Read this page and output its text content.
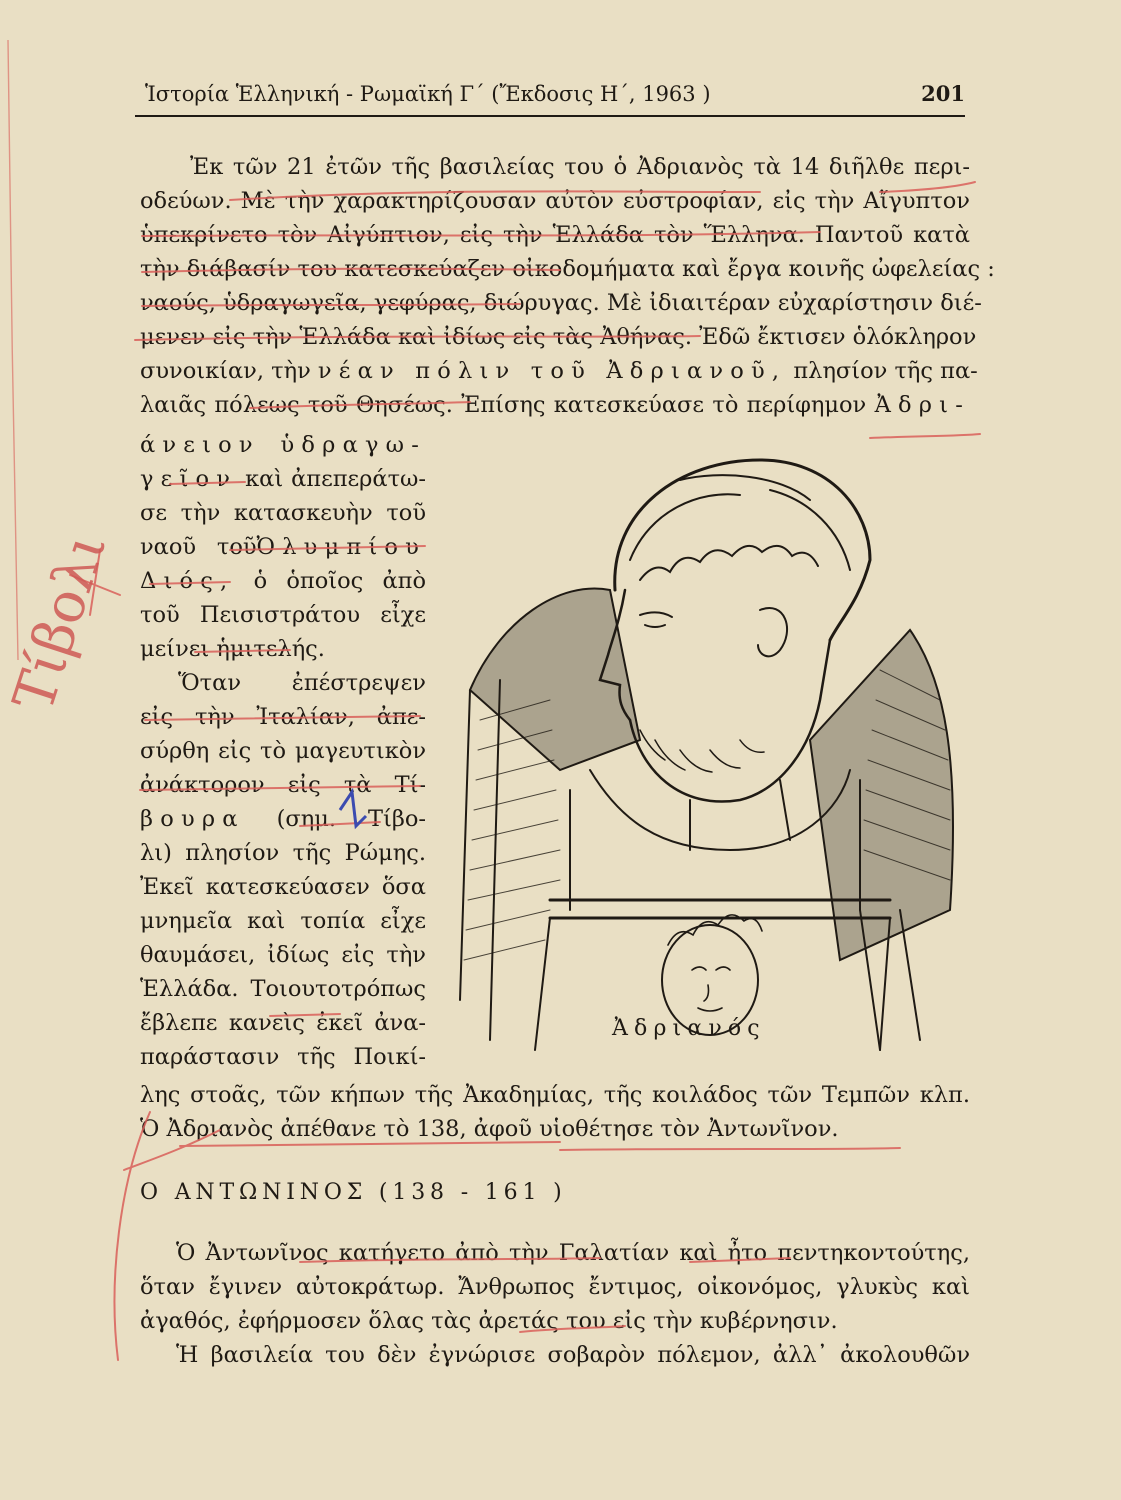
Ἱστορία Ἑλληνική - Ρωμαϊκή Γ΄ (Ἔκδοσις Η΄, 1963 )	201
Ἐκ τῶν 21 ἐτῶν τῆς βασιλείας του ὁ Ἀδριανὸς τὰ 14 διῆλθε περι-
οδεύων. Μὲ τὴν χαρακτηρίζουσαν αὐτὸν εὐστροφίαν, εἰς τὴν Αἴγυπτον
ὑπεκρίνετο τὸν Αἰγύπτιον, εἰς τὴν Ἑλλάδα τὸν Ἕλληνα. Παντοῦ κατὰ
τὴν διάβασίν του κατεσκεύαζεν οἰκοδομήματα καὶ ἔργα κοινῆς ὠφελείας :
ναούς, ὑδραγωγεῖα, γεφύρας, διώρυγας. Μὲ ἰδιαιτέραν εὐχαρίστησιν διέ-
μενεν εἰς τὴν Ἑλλάδα καὶ ἰδίως εἰς τὰς Ἀθήνας. Ἐδῶ ἔκτισεν ὁλόκληρον
συνοικίαν, τὴν νέαν πόλιν τοῦ Ἀδριανοῦ, πλησίον τῆς πα-
λαιᾶς πόλεως τοῦ Θησέως. Ἐπίσης κατεσκεύασε τὸ περίφημον Ἀδρι-
άνειον ὑδραγω-
γεῖον καὶ ἀπεπεράτω-
σε τὴν κατασκευὴν τοῦ
ναοῦ τοῦὈλυμπίου
Διός, ὁ ὁποῖος ἀπὸ
τοῦ Πεισιστράτου εἶχε
μείνει ἡμιτελής.
Ὅταν ἐπέστρεψεν
εἰς τὴν Ἰταλίαν, ἀπε-
σύρθη εἰς τὸ μαγευτικὸν
ἀνάκτορον εἰς τὰ Τί-
βουρα (σημ. Τίβο-
λι) πλησίον τῆς Ρώμης.
Ἐκεῖ κατεσκεύασεν ὅσα
μνημεῖα καὶ τοπία εἶχε
θαυμάσει, ἰδίως εἰς τὴν
Ἑλλάδα. Τοιουτοτρόπως
ἔβλεπε κανεὶς ἐκεῖ ἀνα-
παράστασιν τῆς Ποικί-
Ἀδριανός
λης στοᾶς, τῶν κήπων τῆς Ἀκαδημίας, τῆς κοιλάδος τῶν Τεμπῶν κλπ.
Ὁ Ἀδριανὸς ἀπέθανε τὸ 138, ἀφοῦ υἱοθέτησε τὸν Ἀντωνῖνον.
Ο ΑΝΤΩΝΙΝΟΣ (138 - 161 )
Ὁ Ἀντωνῖνος κατήγετο ἀπὸ τὴν Γαλατίαν καὶ ἦτο πεντηκοντούτης,
ὅταν ἔγινεν αὐτοκράτωρ. Ἄνθρωπος ἔντιμος, οἰκονόμος, γλυκὺς καὶ
ἀγαθός, ἐφήρμοσεν ὅλας τὰς ἀρετάς του εἰς τὴν κυβέρνησιν.
Ἡ βασιλεία του δὲν ἐγνώρισε σοβαρὸν πόλεμον, ἀλλ᾽ ἀκολουθῶν
Τίβολι
